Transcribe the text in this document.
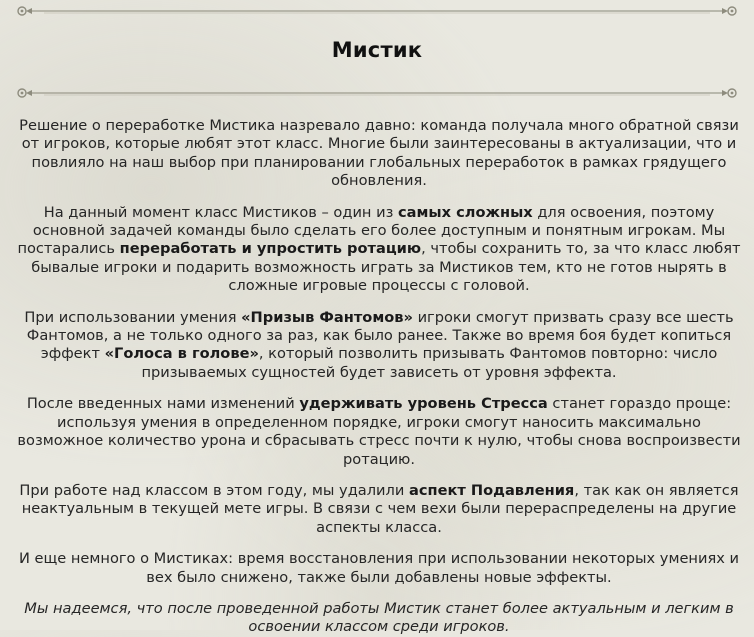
Мистик

Решение о переработке Мистика назревало давно: команда получала много обратной связи от игроков, которые любят этот класс. Многие были заинтересованы в актуализации, что и повлияло на наш выбор при планировании глобальных переработок в рамках грядущего обновления.

На данный момент класс Мистиков – один из самых сложных для освоения, поэтому основной задачей команды было сделать его более доступным и понятным игрокам. Мы постарались переработать и упростить ротацию, чтобы сохранить то, за что класс любят бывалые игроки и подарить возможность играть за Мистиков тем, кто не готов нырять в сложные игровые процессы с головой.

При использовании умения «Призыв Фантомов» игроки смогут призвать сразу все шесть Фантомов, а не только одного за раз, как было ранее. Также во время боя будет копиться эффект «Голоса в голове», который позволить призывать Фантомов повторно: число призываемых сущностей будет зависеть от уровня эффекта.

После введенных нами изменений удерживать уровень Стресса станет гораздо проще: используя умения в определенном порядке, игроки смогут наносить максимально возможное количество урона и сбрасывать стресс почти к нулю, чтобы снова воспроизвести ротацию.

При работе над классом в этом году, мы удалили аспект Подавления, так как он является неактуальным в текущей мете игры. В связи с чем вехи были перераспределены на другие аспекты класса.

И еще немного о Мистиках: время восстановления при использовании некоторых умениях и вех было снижено, также были добавлены новые эффекты.

Мы надеемся, что после проведенной работы Мистик станет более актуальным и легким в освоении классом среди игроков.
